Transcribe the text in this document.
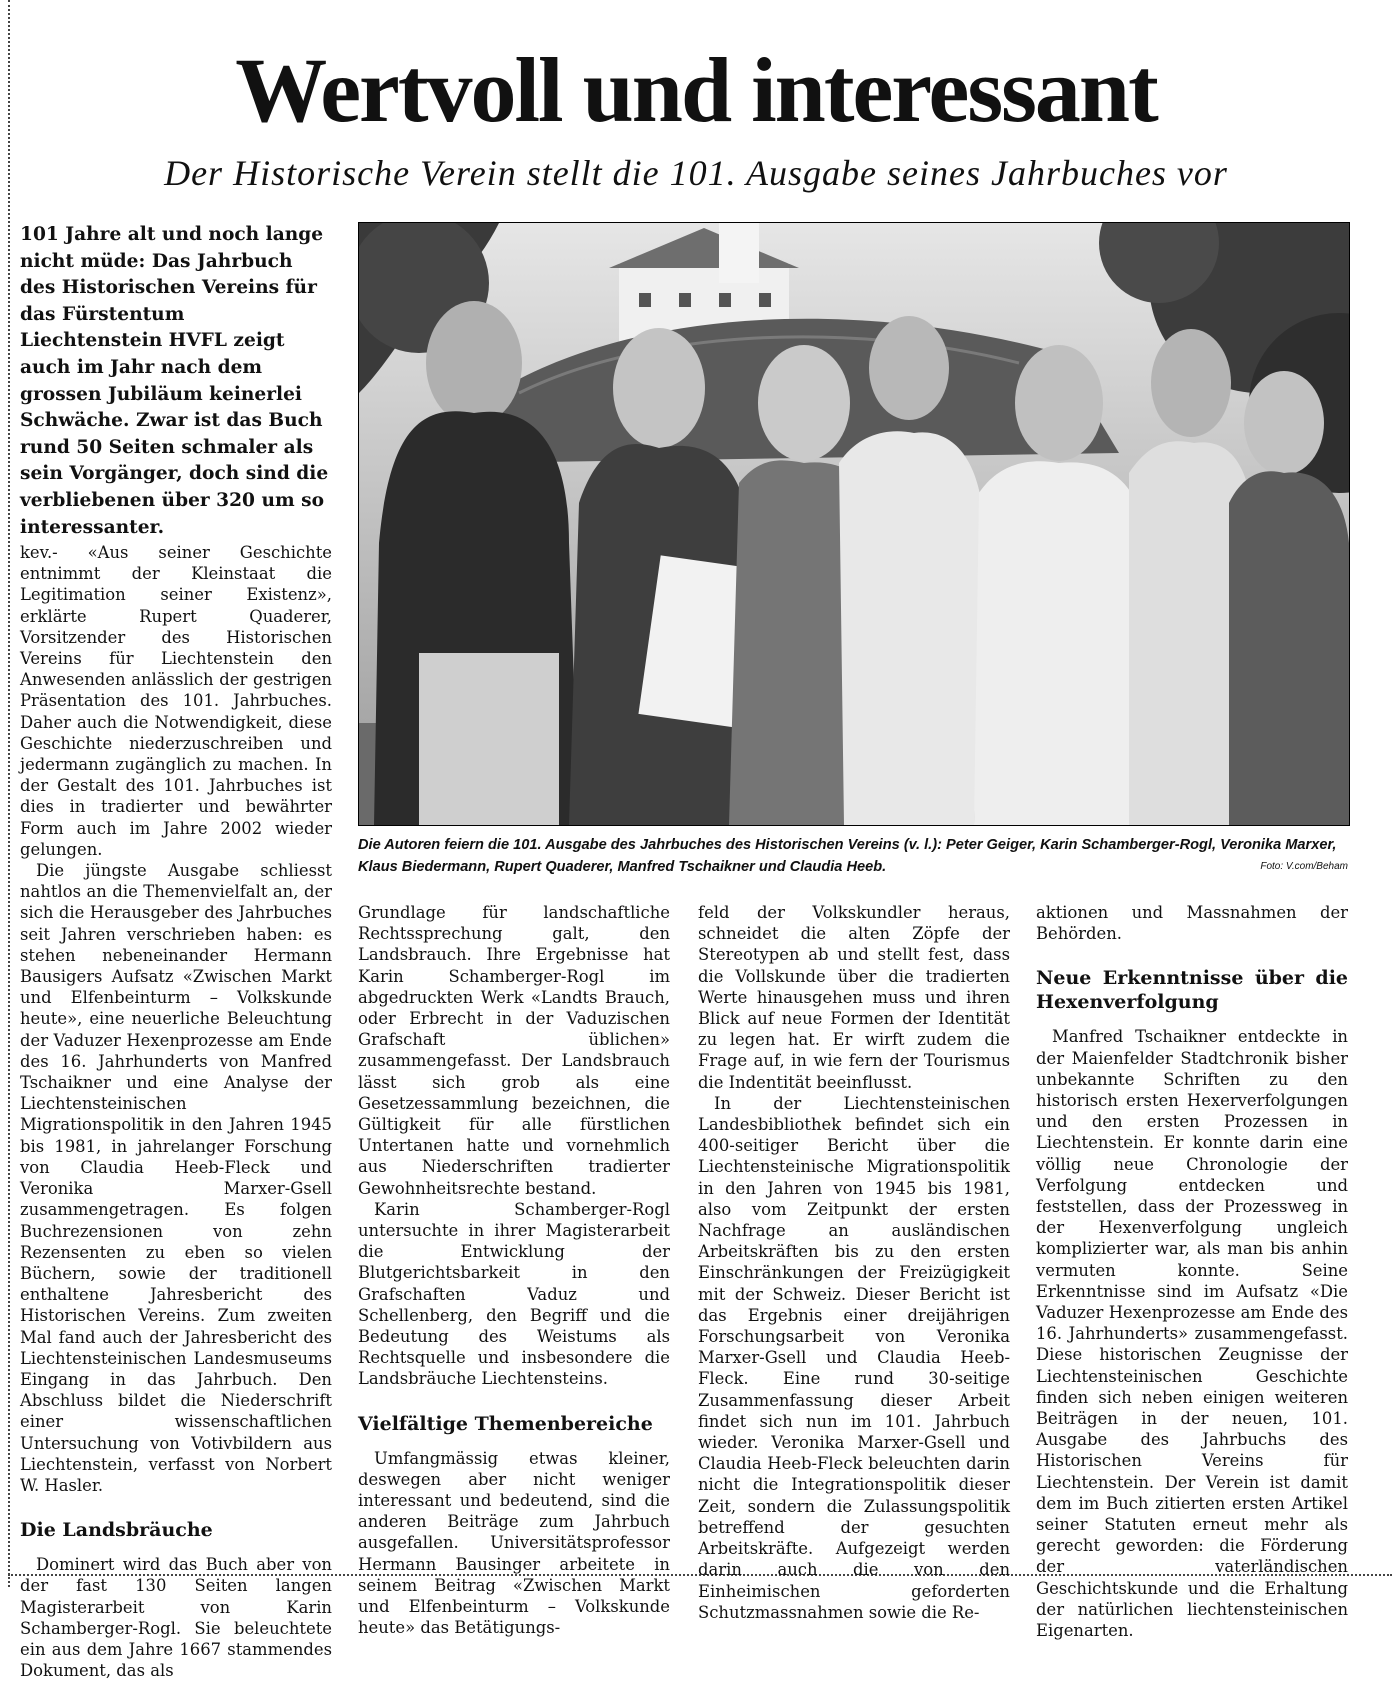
Wertvoll und interessant
Der Historische Verein stellt die 101. Ausgabe seines Jahrbuches vor
101 Jahre alt und noch lange nicht müde: Das Jahrbuch des Historischen Vereins für das Fürstentum Liechtenstein HVFL zeigt auch im Jahr nach dem grossen Jubiläum keinerlei Schwäche. Zwar ist das Buch rund 50 Seiten schmaler als sein Vorgänger, doch sind die verbliebenen über 320 um so interessanter.
Die Autoren feiern die 101. Ausgabe des Jahrbuches des Historischen Vereins (v. l.): Peter Geiger, Karin Schamberger-Rogl, Veronika Marxer, Klaus Biedermann, Rupert Quaderer, Manfred Tschaikner und Claudia Heeb.	Foto: V.com/Beham

kev.- «Aus seiner Geschichte entnimmt der Kleinstaat die Legitimation seiner Existenz», erklärte Rupert Quaderer, Vorsitzender des Historischen Vereins für Liechtenstein den Anwesenden anlässlich der gestrigen Präsentation des 101. Jahrbuches. Daher auch die Notwendigkeit, diese Geschichte niederzuschreiben und jedermann zugänglich zu machen. In der Gestalt des 101. Jahrbuches ist dies in tradierter und bewährter Form auch im Jahre 2002 wieder gelungen.

Die jüngste Ausgabe schliesst nahtlos an die Themenvielfalt an, der sich die Herausgeber des Jahrbuches seit Jahren verschrieben haben: es stehen nebeneinander Hermann Bausigers Aufsatz «Zwischen Markt und Elfenbeinturm – Volkskunde heute», eine neuerliche Beleuchtung der Vaduzer Hexenprozesse am Ende des 16. Jahrhunderts von Manfred Tschaikner und eine Analyse der Liechtensteinischen Migrationspolitik in den Jahren 1945 bis 1981, in jahrelanger Forschung von Claudia Heeb-Fleck und Veronika Marxer-Gsell zusammengetragen. Es folgen Buchrezensionen von zehn Rezensenten zu eben so vielen Büchern, sowie der traditionell enthaltene Jahresbericht des Historischen Vereins. Zum zweiten Mal fand auch der Jahresbericht des Liechtensteinischen Landesmuseums Eingang in das Jahrbuch. Den Abschluss bildet die Niederschrift einer wissenschaftlichen Untersuchung von Votivbildern aus Liechtenstein, verfasst von Norbert W. Hasler.

Die Landsbräuche

Dominert wird das Buch aber von der fast 130 Seiten langen Magisterarbeit von Karin Schamberger-Rogl. Sie beleuchtete ein aus dem Jahre 1667 stammendes Dokument, das als

Grundlage für landschaftliche Rechtssprechung galt, den Landsbrauch. Ihre Ergebnisse hat Karin Schamberger-Rogl im abgedruckten Werk «Landts Brauch, oder Erbrecht in der Vaduzischen Grafschaft üblichen» zusammengefasst. Der Landsbrauch lässt sich grob als eine Gesetzessammlung bezeichnen, die Gültigkeit für alle fürstlichen Untertanen hatte und vornehmlich aus Niederschriften tradierter Gewohnheitsrechte bestand.

Karin Schamberger-Rogl untersuchte in ihrer Magisterarbeit die Entwicklung der Blutgerichtsbarkeit in den Grafschaften Vaduz und Schellenberg, den Begriff und die Bedeutung des Weistums als Rechtsquelle und insbesondere die Landsbräuche Liechtensteins.

Vielfältige Themenbereiche

Umfangmässig etwas kleiner, deswegen aber nicht weniger interessant und bedeutend, sind die anderen Beiträge zum Jahrbuch ausgefallen. Universitätsprofessor Hermann Bausinger arbeitete in seinem Beitrag «Zwischen Markt und Elfenbeinturm – Volkskunde heute» das Betätigungs-

feld der Volkskundler heraus, schneidet die alten Zöpfe der Stereotypen ab und stellt fest, dass die Vollskunde über die tradierten Werte hinausgehen muss und ihren Blick auf neue Formen der Identität zu legen hat. Er wirft zudem die Frage auf, in wie fern der Tourismus die Indentität beeinflusst.

In der Liechtensteinischen Landesbibliothek befindet sich ein 400-seitiger Bericht über die Liechtensteinische Migrationspolitik in den Jahren von 1945 bis 1981, also vom Zeitpunkt der ersten Nachfrage an ausländischen Arbeitskräften bis zu den ersten Einschränkungen der Freizügigkeit mit der Schweiz. Dieser Bericht ist das Ergebnis einer dreijährigen Forschungsarbeit von Veronika Marxer-Gsell und Claudia Heeb-Fleck. Eine rund 30-seitige Zusammenfassung dieser Arbeit findet sich nun im 101. Jahrbuch wieder. Veronika Marxer-Gsell und Claudia Heeb-Fleck beleuchten darin nicht die Integrationspolitik dieser Zeit, sondern die Zulassungspolitik betreffend der gesuchten Arbeitskräfte. Aufgezeigt werden darin auch die von den Einheimischen geforderten Schutzmassnahmen sowie die Re-

aktionen und Massnahmen der Behörden.

Neue Erkenntnisse über die Hexenverfolgung

Manfred Tschaikner entdeckte in der Maienfelder Stadtchronik bisher unbekannte Schriften zu den historisch ersten Hexerverfolgungen und den ersten Prozessen in Liechtenstein. Er konnte darin eine völlig neue Chronologie der Verfolgung entdecken und feststellen, dass der Prozessweg in der Hexenverfolgung ungleich komplizierter war, als man bis anhin vermuten konnte. Seine Erkenntnisse sind im Aufsatz «Die Vaduzer Hexenprozesse am Ende des 16. Jahrhunderts» zusammengefasst. Diese historischen Zeugnisse der Liechtensteinischen Geschichte finden sich neben einigen weiteren Beiträgen in der neuen, 101. Ausgabe des Jahrbuchs des Historischen Vereins für Liechtenstein. Der Verein ist damit dem im Buch zitierten ersten Artikel seiner Statuten erneut mehr als gerecht geworden: die Förderung der vaterländischen Geschichtskunde und die Erhaltung der natürlichen liechtensteinischen Eigenarten.
